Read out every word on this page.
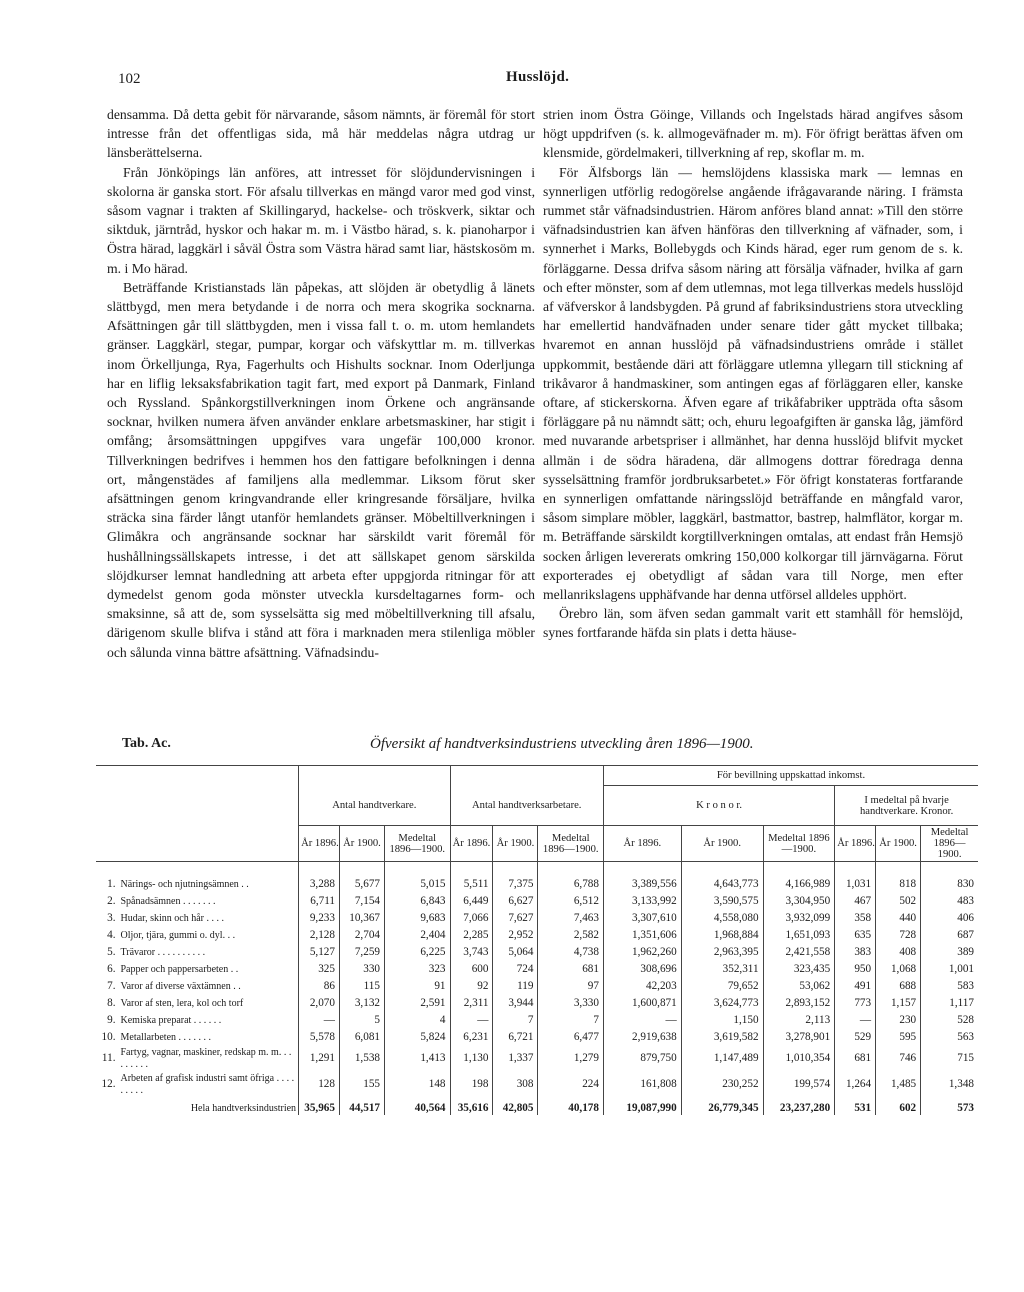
102	Husslöjd.

densamma. Då detta gebit för närvarande, såsom nämnts, är föremål för stort intresse från det offentligas sida, må här meddelas några utdrag ur länsberättelserna.

Från Jönköpings län anföres, att intresset för slöjdundervisningen i skolorna är ganska stort. För afsalu tillverkas en mängd varor med god vinst, såsom vagnar i trakten af Skillingaryd, hackelse- och tröskverk, siktar och siktduk, järntråd, hyskor och hakar m. m. i Västbo härad, s. k. pianoharpor i Östra härad, laggkärl i såväl Östra som Västra härad samt liar, hästskosöm m. m. i Mo härad.

Beträffande Kristianstads län påpekas, att slöjden är obetydlig å länets slättbygd, men mera betydande i de norra och mera skogrika socknarna. Afsättningen går till slättbygden, men i vissa fall t. o. m. utom hemlandets gränser. Laggkärl, stegar, pumpar, korgar och väfskyttlar m. m. tillverkas inom Örkelljunga, Rya, Fagerhults och Hishults socknar. Inom Oderljunga har en liflig leksaksfabrikation tagit fart, med export på Danmark, Finland och Ryssland. Spånkorgstillverkningen inom Örkene och angränsande socknar, hvilken numera äfven använder enklare arbetsmaskiner, har stigit i omfång; årsomsättningen uppgifves vara ungefär 100,000 kronor. Tillverkningen bedrifves i hemmen hos den fattigare befolkningen i denna ort, mångenstädes af familjens alla medlemmar. Liksom förut sker afsättningen genom kringvandrande eller kringresande försäljare, hvilka sträcka sina färder långt utanför hemlandets gränser. Möbeltillverkningen i Glimåkra och angränsande socknar har särskildt varit föremål för hushållningssällskapets intresse, i det att sällskapet genom särskilda slöjdkurser lemnat handledning att arbeta efter uppgjorda ritningar för att dymedelst genom goda mönster utveckla kursdeltagarnes form- och smaksinne, så att de, som sysselsätta sig med möbeltillverkning till afsalu, därigenom skulle blifva i stånd att föra i marknaden mera stilenliga möbler och sålunda vinna bättre afsättning. Väfnadsindu-

strien inom Östra Göinge, Villands och Ingelstads härad angifves såsom högt uppdrifven (s. k. allmogeväfnader m. m). För öfrigt berättas äfven om klensmide, gördelmakeri, tillverkning af rep, skoflar m. m.

För Älfsborgs län — hemslöjdens klassiska mark — lemnas en synnerligen utförlig redogörelse angående ifrågavarande näring. I främsta rummet står väfnadsindustrien. Härom anföres bland annat: »Till den större väfnadsindustrien kan äfven hänföras den tillverkning af väfnader, som, i synnerhet i Marks, Bollebygds och Kinds härad, eger rum genom de s. k. förläggarne. Dessa drifva såsom näring att försälja väfnader, hvilka af garn och efter mönster, som af dem utlemnas, mot lega tillverkas medels husslöjd af väfverskor å landsbygden. På grund af fabriksindustriens stora utveckling har emellertid handväfnaden under senare tider gått mycket tillbaka; hvaremot en annan husslöjd på väfnadsindustriens område i stället uppkommit, bestående däri att förläggare utlemna yllegarn till stickning af trikåvaror å handmaskiner, som antingen egas af förläggaren eller, kanske oftare, af stickerskorna. Äfven egare af trikåfabriker uppträda ofta såsom förläggare på nu nämndt sätt; och, ehuru legoafgiften är ganska låg, jämförd med nuvarande arbetspriser i allmänhet, har denna husslöjd blifvit mycket allmän i de södra häradena, där allmogens dottrar föredraga denna sysselsättning framför jordbruksarbetet.» För öfrigt konstateras fortfarande en synnerligen omfattande näringsslöjd beträffande en mångfald varor, såsom simplare möbler, laggkärl, bastmattor, bastrep, halmflätor, korgar m. m. Beträffande särskildt korgtillverkningen omtalas, att endast från Hemsjö socken årligen levererats omkring 150,000 kolkorgar till järnvägarna. Förut exporterades ej obetydligt af sådan vara till Norge, men efter mellanrikslagens upphäfvande har denna utförsel alldeles upphört.

Örebro län, som äfven sedan gammalt varit ett stamhåll för hemslöjd, synes fortfarande häfda sin plats i detta häuse-

Tab. Ac.	Öfversikt af handtverksindustriens utveckling åren 1896—1900.
								För bevillning uppskattad inkomst.					
		Antal handtverkare.			Antal handtverksarbetare.			K r o n o r.			I medeltal på hvarje handtverkare. Kronor.		
		År 1896.	År 1900.	Medeltal 1896—1900.	År 1896.	År 1900.	Medeltal 1896—1900.	År 1896.	År 1900.	Medeltal 1896—1900.	År 1896.	År 1900.	Medeltal 1896—1900.

1.	Närings- och njutningsämnen . .	3,288	5,677	5,015	5,511	7,375	6,788	3,389,556	4,643,773	4,166,989	1,031	818	830
2.	Spånadsämnen . . . . . . .	6,711	7,154	6,843	6,449	6,627	6,512	3,133,992	3,590,575	3,304,950	467	502	483
3.	Hudar, skinn och hår . . . .	9,233	10,367	9,683	7,066	7,627	7,463	3,307,610	4,558,080	3,932,099	358	440	406
4.	Oljor, tjära, gummi o. dyl. . .	2,128	2,704	2,404	2,285	2,952	2,582	1,351,606	1,968,884	1,651,093	635	728	687
5.	Trävaror . . . . . . . . . .	5,127	7,259	6,225	3,743	5,064	4,738	1,962,260	2,963,395	2,421,558	383	408	389
6.	Papper och pappersarbeten . .	325	330	323	600	724	681	308,696	352,311	323,435	950	1,068	1,001
7.	Varor af diverse växtämnen . .	86	115	91	92	119	97	42,203	79,652	53,062	491	688	583
8.	Varor af sten, lera, kol och torf	2,070	3,132	2,591	2,311	3,944	3,330	1,600,871	3,624,773	2,893,152	773	1,157	1,117
9.	Kemiska preparat . . . . . .	—	5	4	—	7	7	—	1,150	2,113	—	230	528
10.	Metallarbeten . . . . . . .	5,578	6,081	5,824	6,231	6,721	6,477	2,919,638	3,619,582	3,278,901	529	595	563
11.	Fartyg, vagnar, maskiner, redskap m. m. . . . . . . . .	1,291	1,538	1,413	1,130	1,337	1,279	879,750	1,147,489	1,010,354	681	746	715
12.	Arbeten af grafisk industri samt öfriga . . . . . . . . .	128	155	148	198	308	224	161,808	230,252	199,574	1,264	1,485	1,348
Hela handtverksindustrien		35,965	44,517	40,564	35,616	42,805	40,178	19,087,990	26,779,345	23,237,280	531	602	573
